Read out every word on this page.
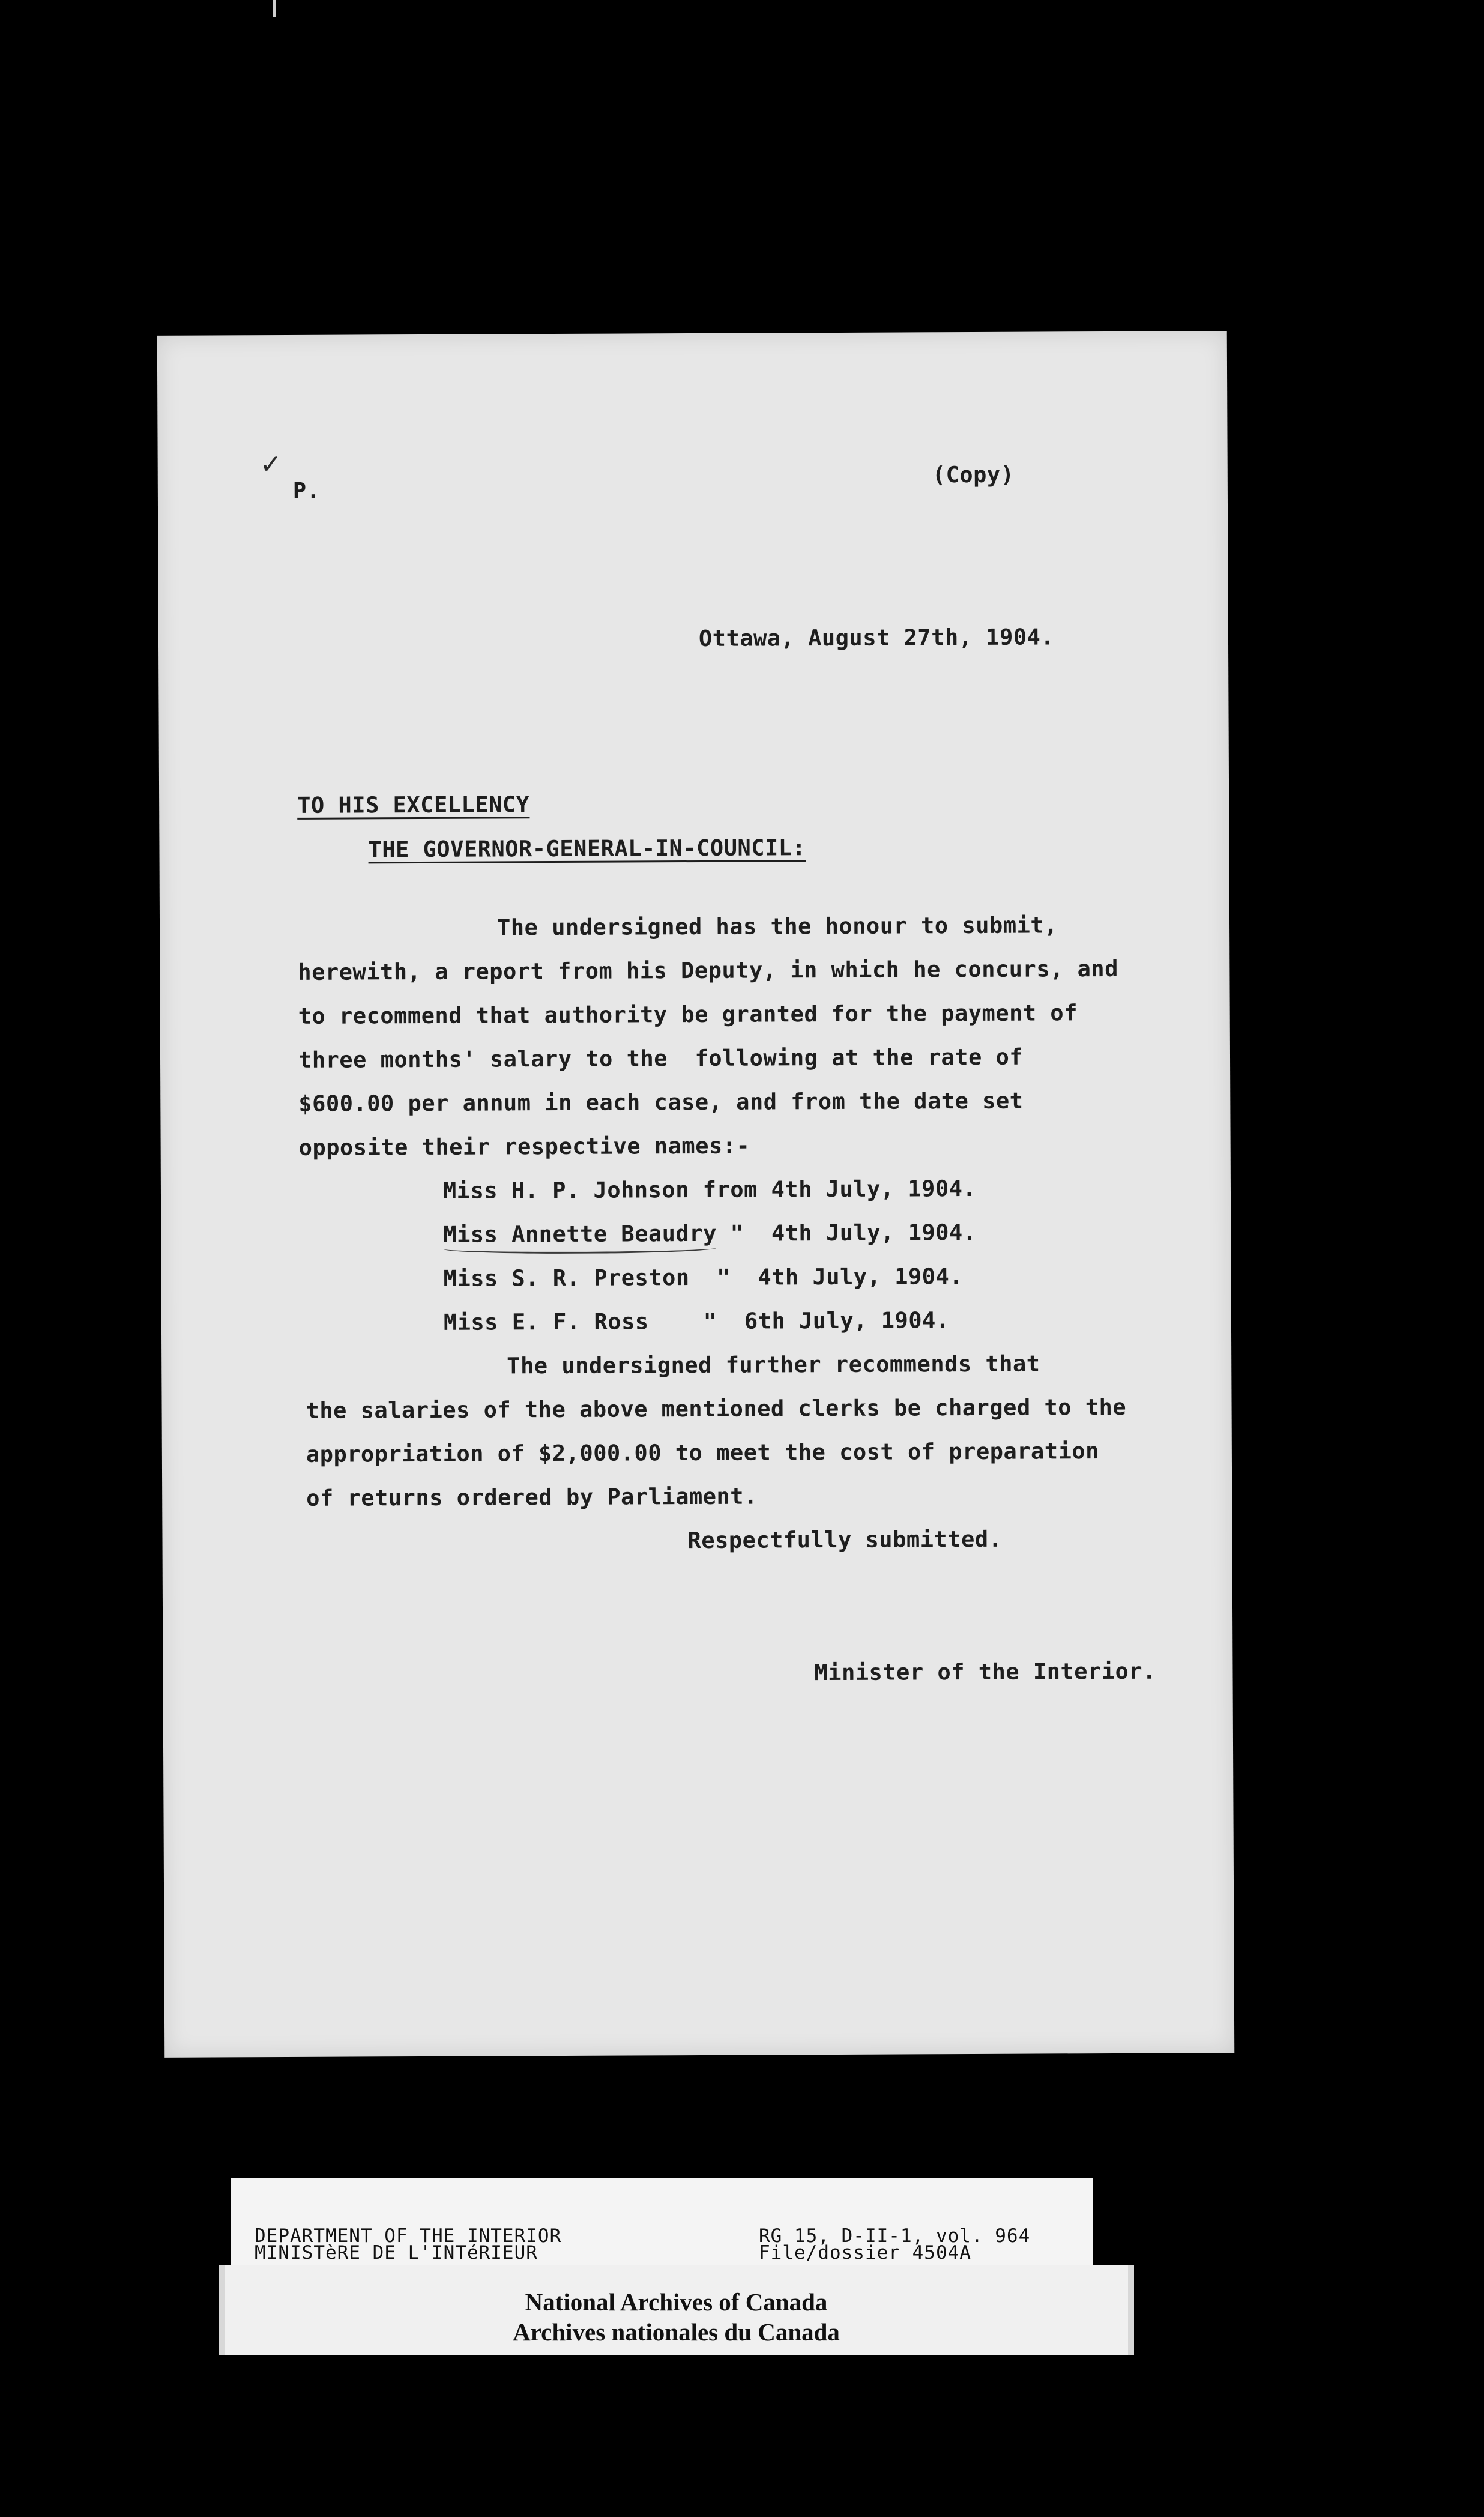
✓
P.
(Copy)
Ottawa, August 27th, 1904.
TO HIS EXCELLENCY
THE GOVERNOR-GENERAL-IN-COUNCIL:
The undersigned has the honour to submit,
herewith, a report from his Deputy, in which he concurs, and
to recommend that authority be granted for the payment of
three months' salary to the  following at the rate of
$600.00 per annum in each case, and from the date set
opposite their respective names:-
Miss H. P. Johnson from 4th July, 1904.
Miss Annette Beaudry "  4th July, 1904.
Miss S. R. Preston  "  4th July, 1904.
Miss E. F. Ross    "  6th July, 1904.
The undersigned further recommends that
the salaries of the above mentioned clerks be charged to the
appropriation of $2,000.00 to meet the cost of preparation
of returns ordered by Parliament.
Respectfully submitted.
Minister of the Interior.
DEPARTMENT OF THE INTERIOR
MINISTèRE DE L'INTéRIEUR
RG 15, D-II-1, vol. 964
File/dossier 4504A
National Archives of Canada
Archives nationales du Canada
